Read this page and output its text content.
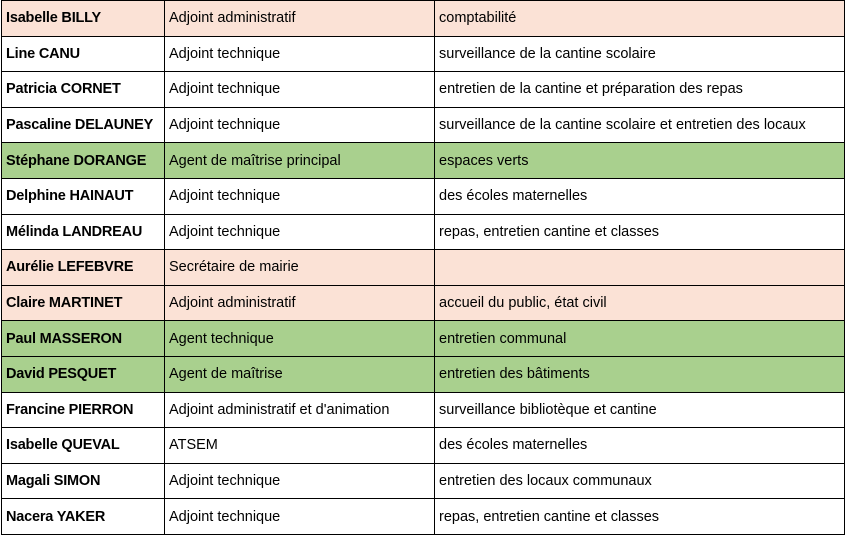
Isabelle BILLY	Adjoint administratif	comptabilité
Line CANU	Adjoint technique	surveillance de la cantine scolaire
Patricia CORNET	Adjoint technique	entretien de la cantine et préparation des repas
Pascaline DELAUNEY	Adjoint technique	surveillance de la cantine scolaire et entretien des locaux
Stéphane DORANGE	Agent de maîtrise principal	espaces verts
Delphine HAINAUT	Adjoint technique	des écoles maternelles
Mélinda LANDREAU	Adjoint technique	repas, entretien cantine et classes
Aurélie LEFEBVRE	Secrétaire de mairie	
Claire MARTINET	Adjoint administratif	accueil du public, état civil
Paul MASSERON	Agent technique	entretien communal
David PESQUET	Agent de maîtrise	entretien des bâtiments
Francine PIERRON	Adjoint administratif et d'animation	surveillance bibliotèque et cantine
Isabelle QUEVAL	ATSEM	des écoles maternelles
Magali SIMON	Adjoint technique	entretien des locaux communaux
Nacera YAKER	Adjoint technique	repas, entretien cantine et classes
